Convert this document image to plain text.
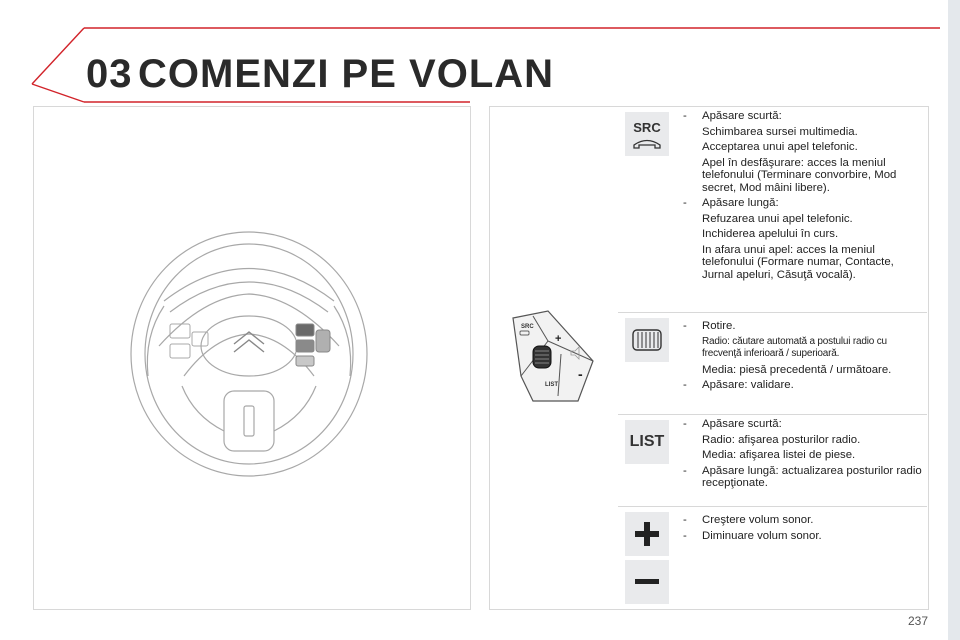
03 COMENZI PE VOLAN
SRC
+
-
LIST
SRC
- Apăsare scurtă:
Schimbarea sursei multimedia.
Acceptarea unui apel telefonic.
Apel în desfăşurare: acces la meniul telefonului (Terminare convorbire, Mod secret, Mod mâini libere).
- Apăsare lungă:
Refuzarea unui apel telefonic.
Inchiderea apelului în curs.
In afara unui apel: acces la meniul telefonului (Formare numar, Contacte, Jurnal apeluri, Căsuţă vocală).
- Rotire.
Radio: căutare automată a postului radio cu frecvenţă inferioară / superioară.
Media: piesă precedentă / următoare.
- Apăsare: validare.
LIST
- Apăsare scurtă:
Radio: afişarea posturilor radio.
Media: afişarea listei de piese.
- Apăsare lungă: actualizarea posturilor radio recepţionate.
- Creştere volum sonor.
- Diminuare volum sonor.
237
